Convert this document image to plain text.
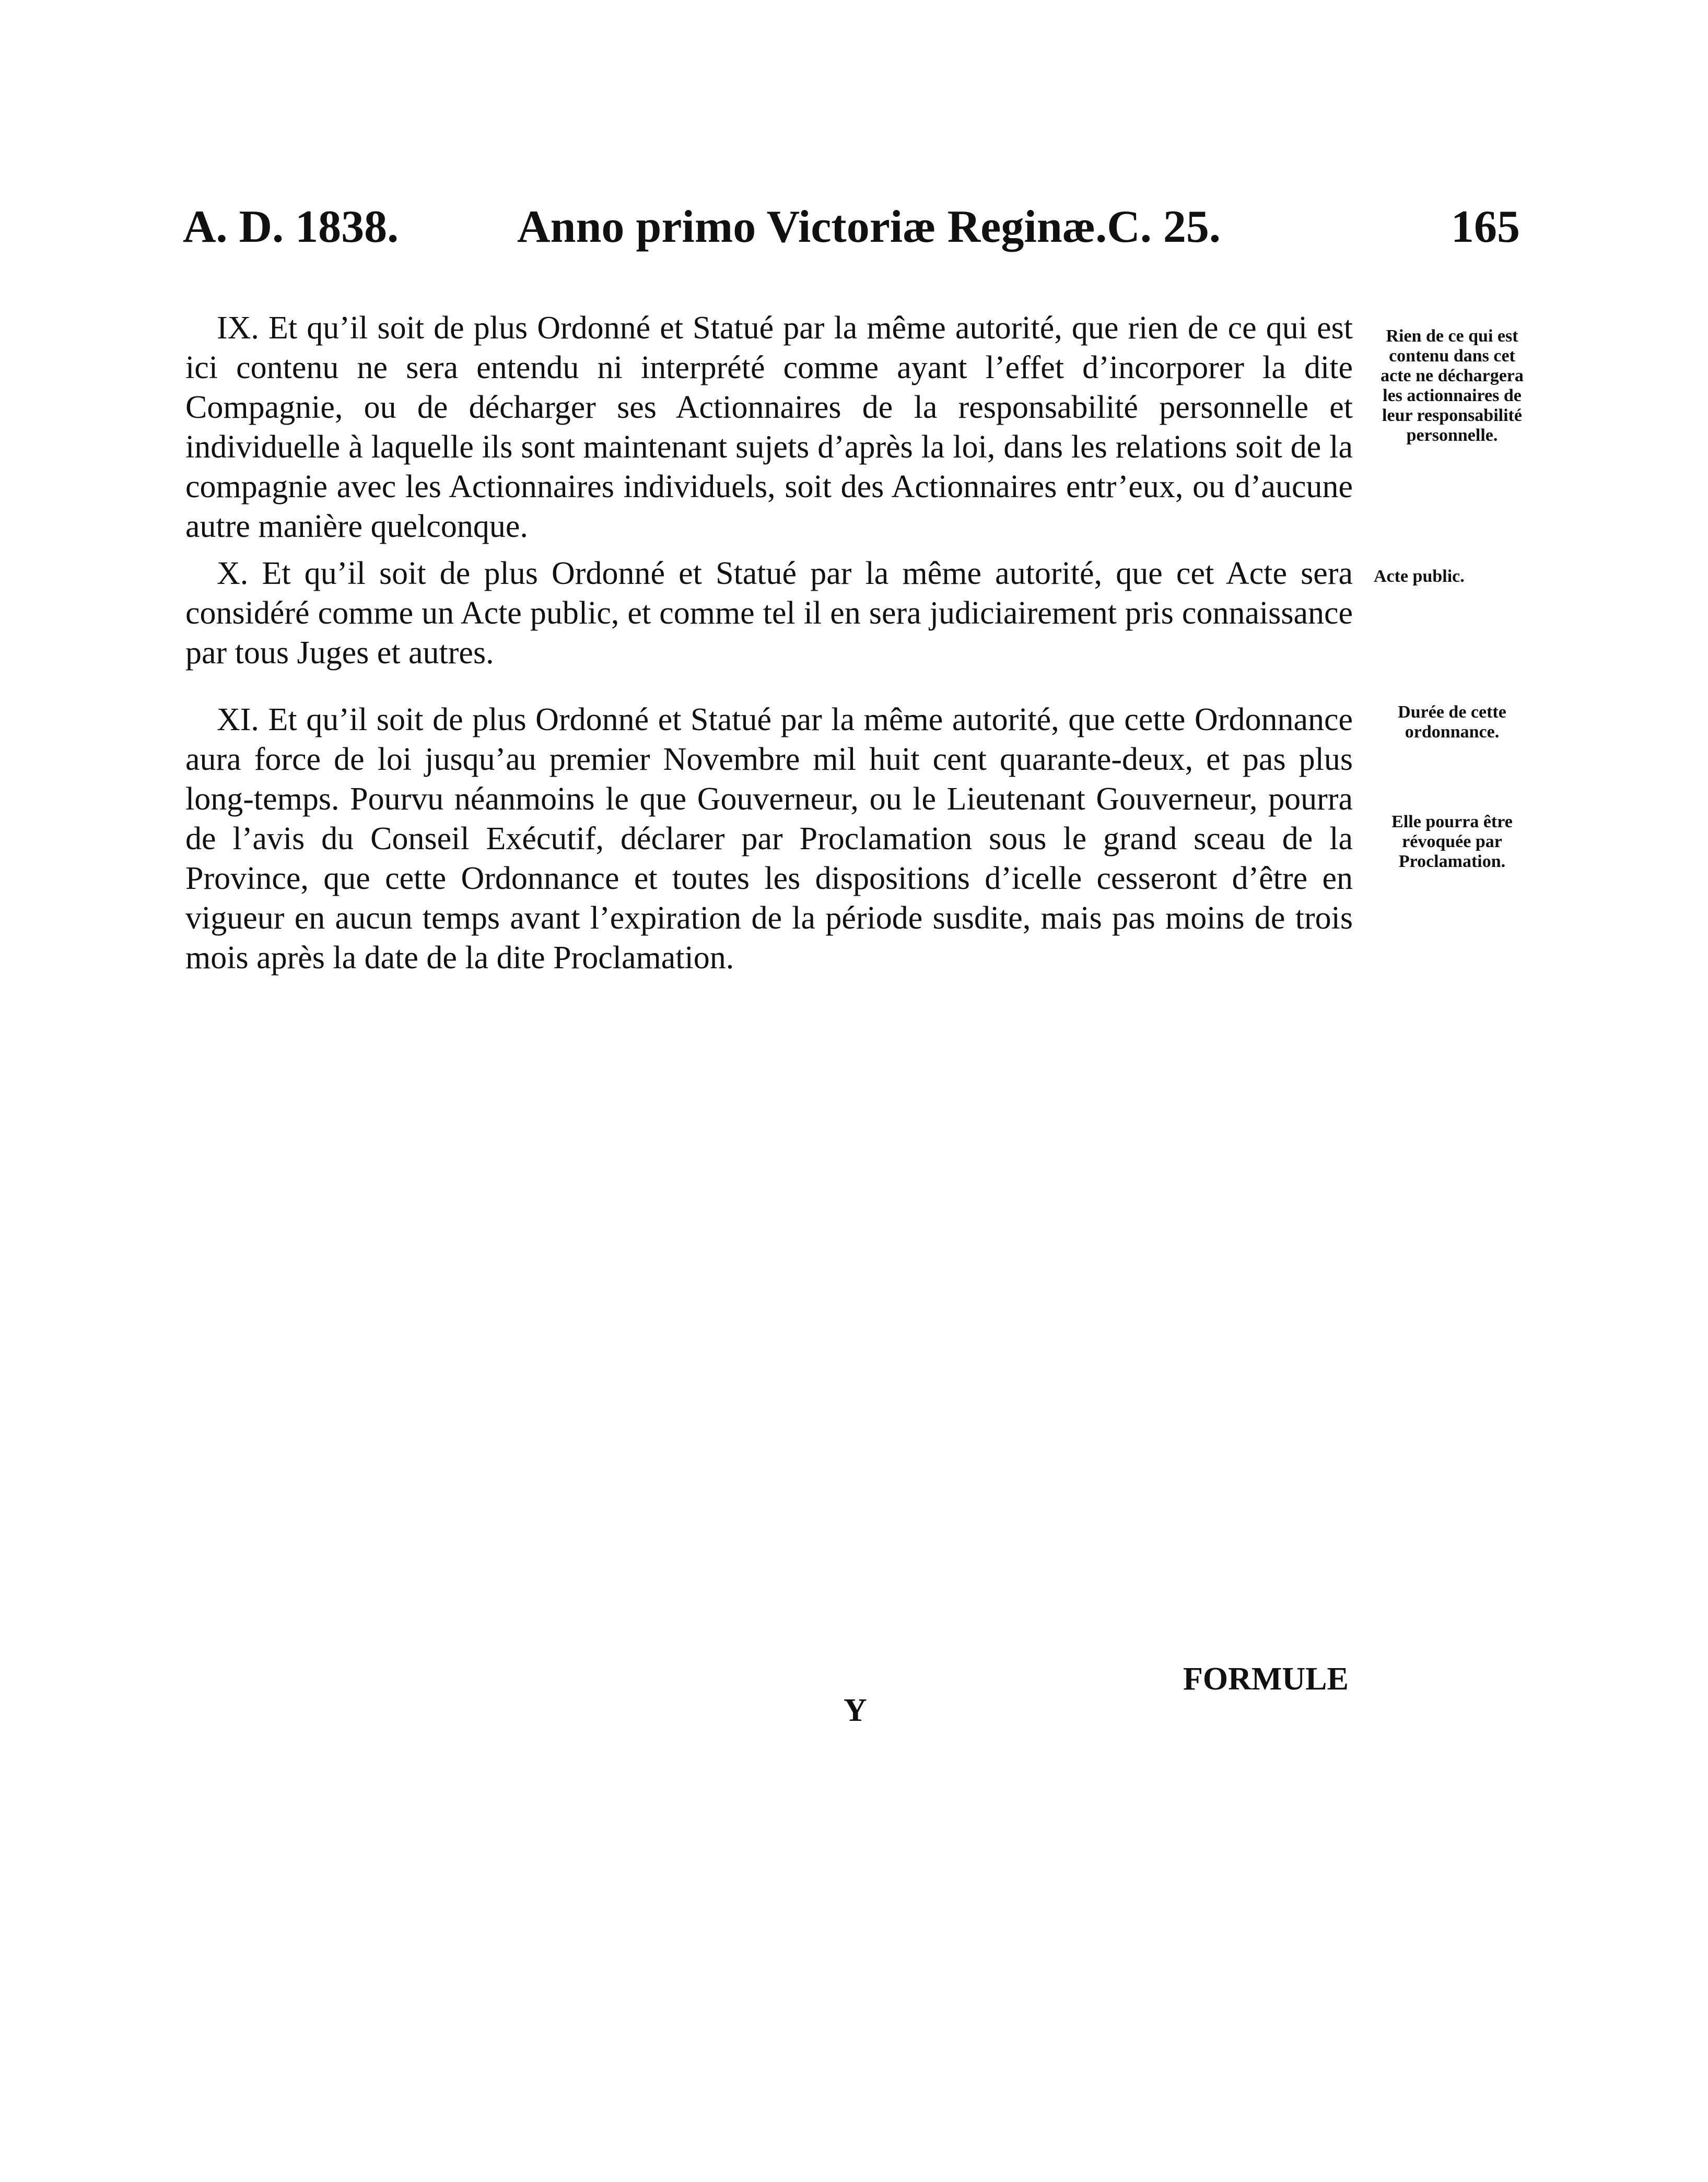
A. D. 1838.	Anno primo Victoriæ Reginæ.C. 25.	165

IX. Et qu’il soit de plus Ordonné et Statué par la même autorité, que rien de ce qui est ici contenu ne sera entendu ni interprété comme ayant l’effet d’incorporer la dite Compagnie, ou de décharger ses Actionnaires de la responsabilité personnelle et individuelle à laquelle ils sont maintenant sujets d’après la loi, dans les relations soit de la compagnie avec les Actionnaires individuels, soit des Actionnaires entr’eux, ou d’aucune autre manière quelconque.

Rien de ce qui est contenu dans cet acte ne déchargera les actionnaires de leur responsabilité personnelle.

X. Et qu’il soit de plus Ordonné et Statué par la même autorité, que cet Acte sera considéré comme un Acte public, et comme tel il en sera judiciairement pris connaissance par tous Juges et autres.

Acte public.

XI. Et qu’il soit de plus Ordonné et Statué par la même autorité, que cette Ordonnance aura force de loi jusqu’au premier Novembre mil huit cent quarante-deux, et pas plus long-temps. Pourvu néanmoins le que Gouverneur, ou le Lieutenant Gouverneur, pourra de l’avis du Conseil Exécutif, déclarer par Proclamation sous le grand sceau de la Province, que cette Ordonnance et toutes les dispositions d’icelle cesseront d’être en vigueur en aucun temps avant l’expiration de la période susdite, mais pas moins de trois mois après la date de la dite Proclamation.

Durée de cette ordonnance.
Elle pourra être révoquée par Proclamation.
FORMULE
Y
